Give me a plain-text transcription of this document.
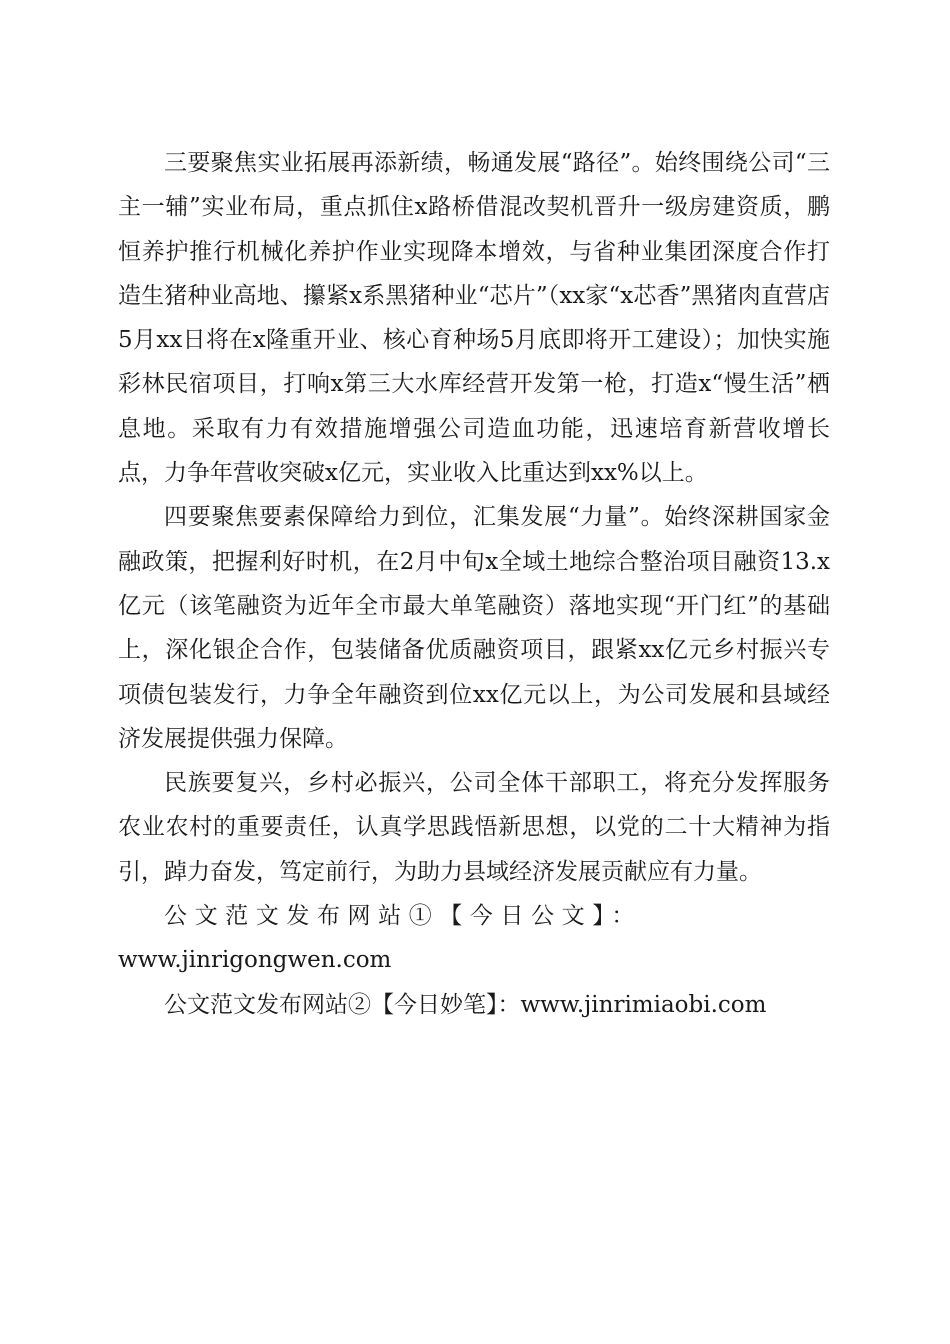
三要聚焦实业拓展再添新绩，畅通发展“路径”。始终围绕公司“三主一辅”实业布局，重点抓住x路桥借混改契机晋升一级房建资质，鹏恒养护推行机械化养护作业实现降本增效，与省种业集团深度合作打造生猪种业高地、攥紧x系黑猪种业“芯片”（xx家“x芯香”黑猪肉直营店5月xx日将在x隆重开业、核心育种场5月底即将开工建设）；加快实施彩林民宿项目，打响x第三大水库经营开发第一枪，打造x“慢生活”栖息地。采取有力有效措施增强公司造血功能，迅速培育新营收增长点，力争年营收突破x亿元，实业收入比重达到xx%以上。

四要聚焦要素保障给力到位，汇集发展“力量”。始终深耕国家金融政策，把握利好时机，在2月中旬x全域土地综合整治项目融资13.x亿元（该笔融资为近年全市最大单笔融资）落地实现“开门红”的基础上，深化银企合作，包装储备优质融资项目，跟紧xx亿元乡村振兴专项债包装发行，力争全年融资到位xx亿元以上，为公司发展和县域经济发展提供强力保障。

民族要复兴，乡村必振兴，公司全体干部职工，将充分发挥服务农业农村的重要责任，认真学思践悟新思想，以党的二十大精神为指引，踔力奋发，笃定前行，为助力县域经济发展贡献应有力量。

公文范文发布网站①【今日公文】：
www.jinrigongwen.com

公文范文发布网站②【今日妙笔】：www.jinrimiaobi.com
